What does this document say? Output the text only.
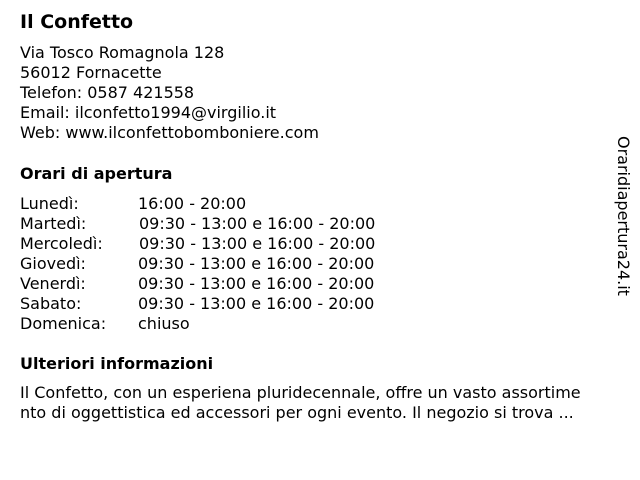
Il Confetto
Via Tosco Romagnola 128
56012 Fornacette
Telefon: 0587 421558
Email: ilconfetto1994@virgilio.it
Web: www.ilconfettobomboniere.com
Orari di apertura
Lunedì:	16:00 - 20:00
Martedì:	09:30 - 13:00 e 16:00 - 20:00
Mercoledì: 09:30 - 13:00 e 16:00 - 20:00
Giovedì:	09:30 - 13:00 e 16:00 - 20:00
Venerdì:	09:30 - 13:00 e 16:00 - 20:00
Sabato:	09:30 - 13:00 e 16:00 - 20:00
Domenica: chiuso
Ulteriori informazioni
Il Confetto, con un esperiena pluridecennale, offre un vasto assortime
nto di oggettistica ed accessori per ogni evento. Il negozio si trova ...
Oraridiapertura24.it
